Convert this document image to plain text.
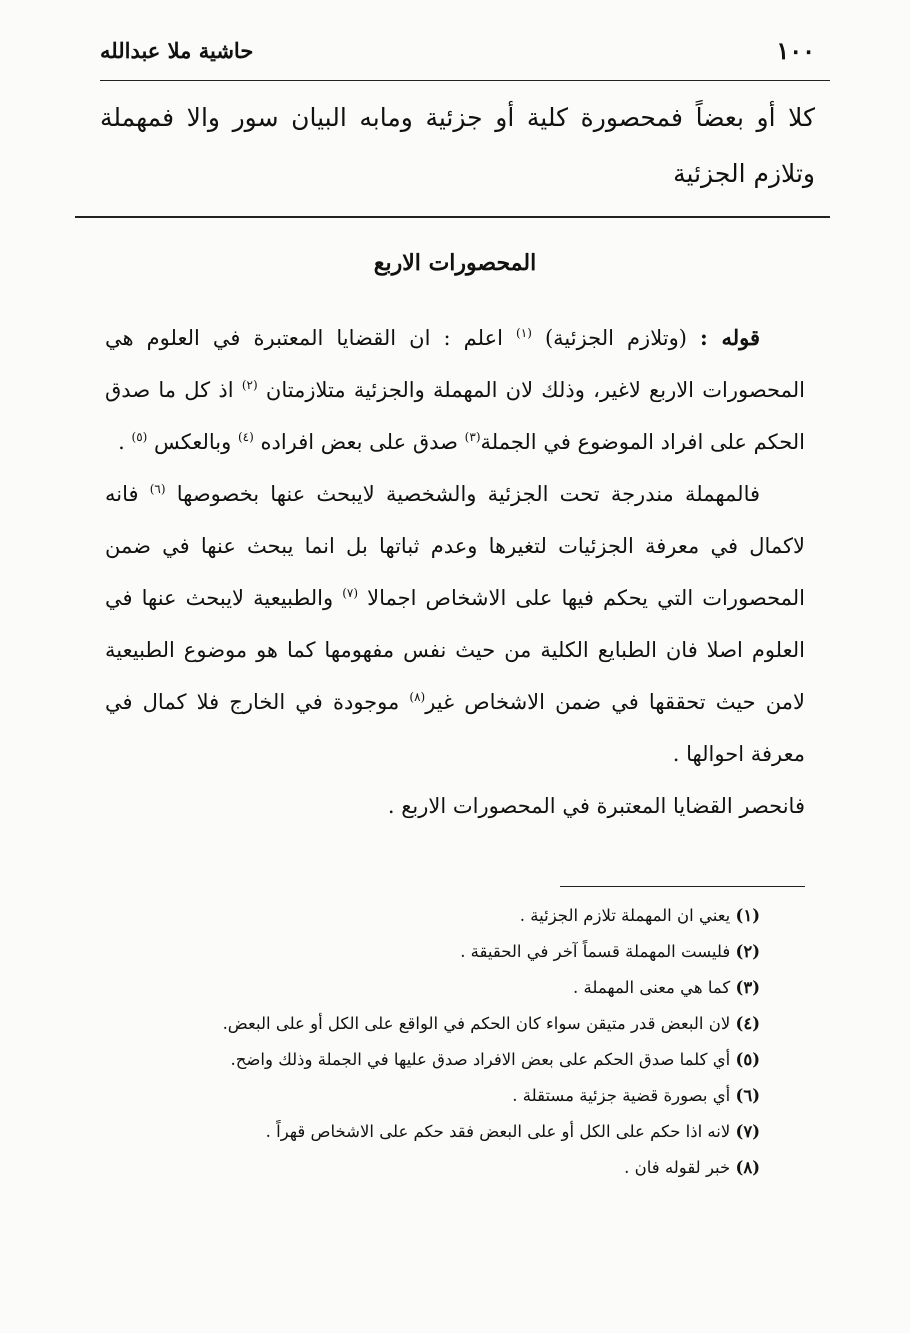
حاشية ملا عبدالله	١٠٠
كلا أو بعضاً فمحصورة كلية أو جزئية ومابه البيان سور والا فمهملة وتلازم الجزئية
المحصورات الاربع

قوله : (وتلازم الجزئية) $^{(١)}$ اعلم : ان القضايا المعتبرة في العلوم هي المحصورات الاربع لاغير، وذلك لان المهملة والجزئية متلازمتان $^{(٢)}$ اذ كل ما صدق الحكم على افراد الموضوع في الجملة$^{(٣)}$ صدق على بعض افراده $^{(٤)}$ وبالعكس $^{(٥)}$ .

فالمهملة مندرجة تحت الجزئية والشخصية لايبحث عنها بخصوصها $^{(٦)}$ فانه لاكمال في معرفة الجزئيات لتغيرها وعدم ثباتها بل انما يبحث عنها في ضمن المحصورات التي يحكم فيها على الاشخاص اجمالا $^{(٧)}$ والطبيعية لايبحث عنها في العلوم اصلا فان الطبايع الكلية من حيث نفس مفهومها كما هو موضوع الطبيعية لامن حيث تحققها في ضمن الاشخاص غير$^{(٨)}$ موجودة في الخارج فلا كمال في معرفة احوالها .

فانحصر القضايا المعتبرة في المحصورات الاربع .

(١) يعني ان المهملة تلازم الجزئية .
(٢) فليست المهملة قسماً آخر في الحقيقة .
(٣) كما هي معنى المهملة .
(٤) لان البعض قدر متيقن سواء كان الحكم في الواقع على الكل أو على البعض.
(٥) أي كلما صدق الحكم على بعض الافراد صدق عليها في الجملة وذلك واضح.
(٦) أي بصورة قضية جزئية مستقلة .
(٧) لانه اذا حكم على الكل أو على البعض فقد حكم على الاشخاص قهراً .
(٨) خبر لقوله فان .
